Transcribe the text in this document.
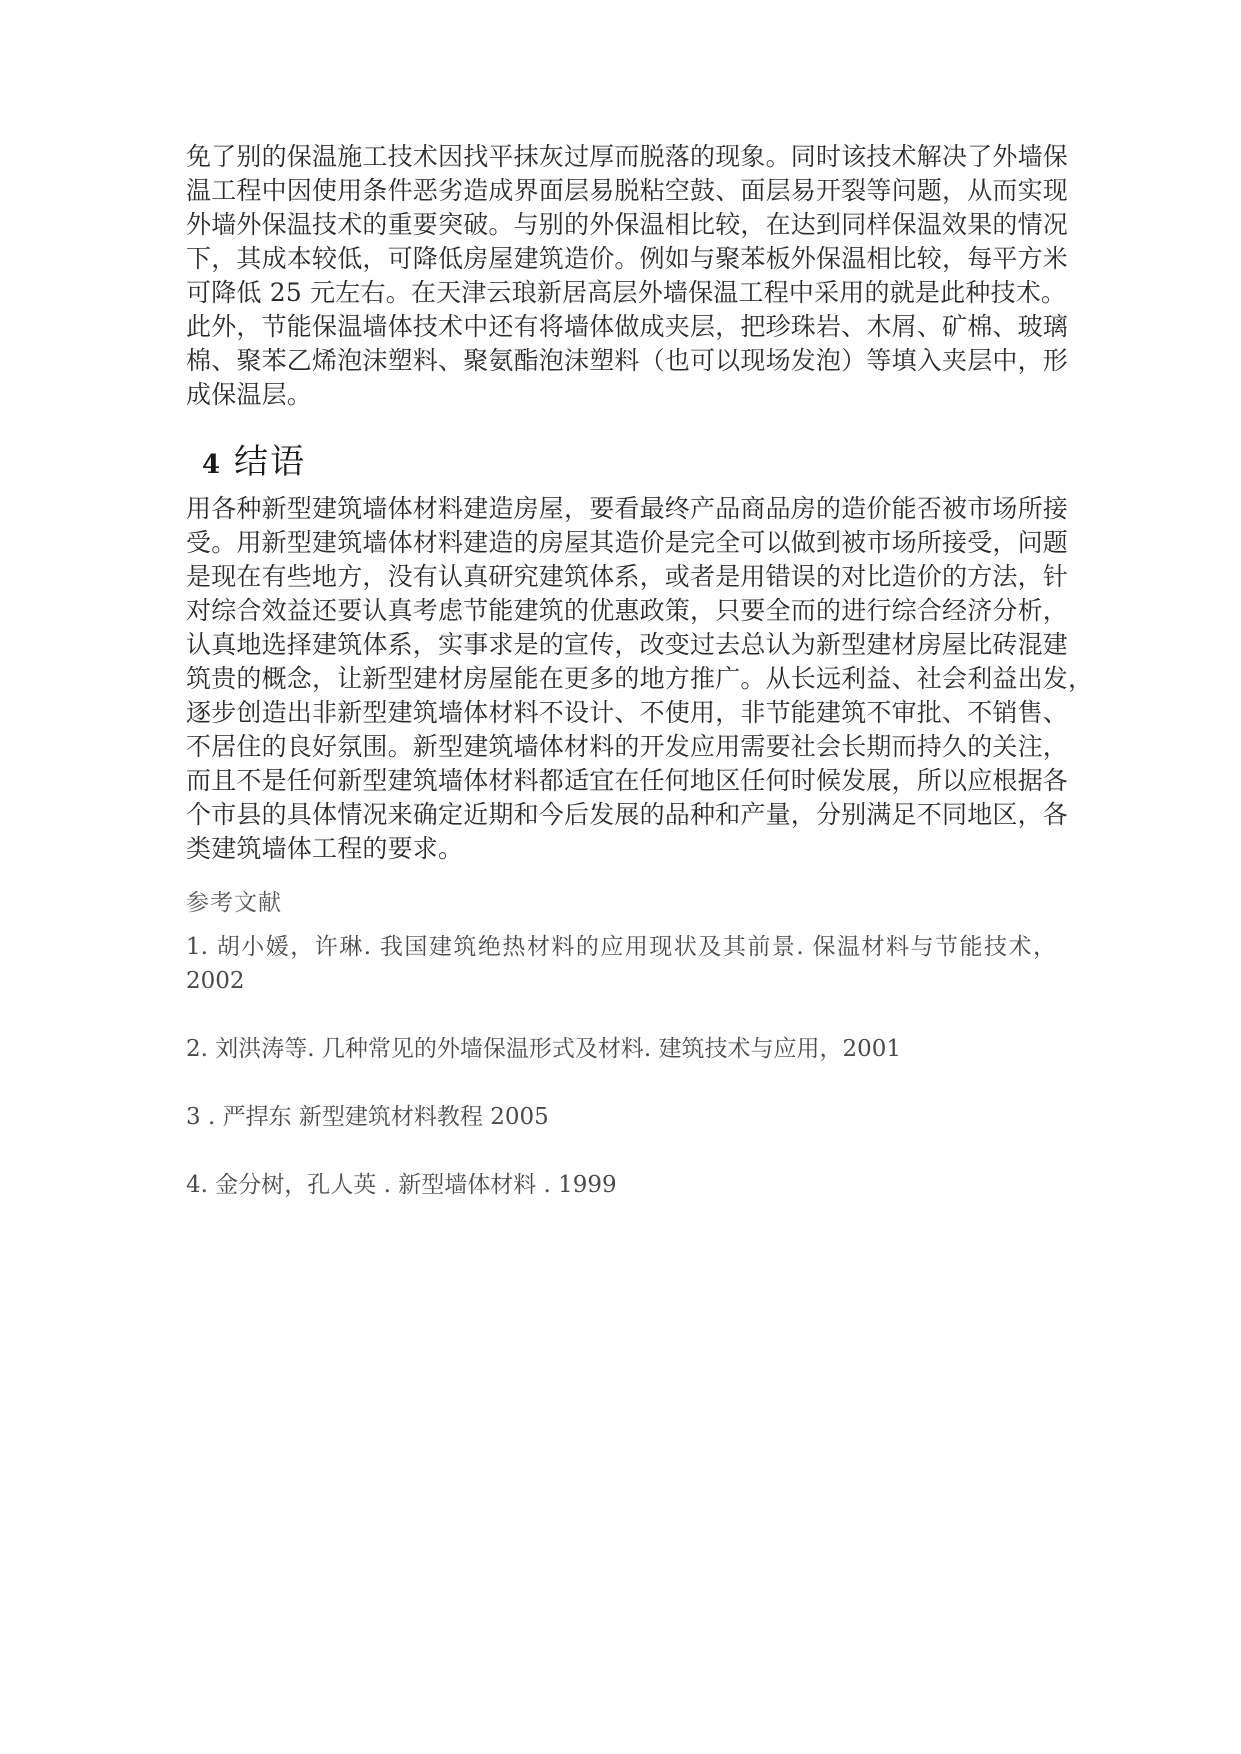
免了别的保温施工技术因找平抹灰过厚而脱落的现象。同时该技术解决了外墙保
温工程中因使用条件恶劣造成界面层易脱粘空鼓、面层易开裂等问题，从而实现
外墙外保温技术的重要突破。与别的外保温相比较，在达到同样保温效果的情况
下，其成本较低，可降低房屋建筑造价。例如与聚苯板外保温相比较，每平方米
可降低 25 元左右。在天津云琅新居高层外墙保温工程中采用的就是此种技术。
此外，节能保温墙体技术中还有将墙体做成夹层，把珍珠岩、木屑、矿棉、玻璃
棉、聚苯乙烯泡沫塑料、聚氨酯泡沫塑料（也可以现场发泡）等填入夹层中，形
成保温层。
4 结语
用各种新型建筑墙体材料建造房屋，要看最终产品商品房的造价能否被市场所接
受。用新型建筑墙体材料建造的房屋其造价是完全可以做到被市场所接受，问题
是现在有些地方，没有认真研究建筑体系，或者是用错误的对比造价的方法，针
对综合效益还要认真考虑节能建筑的优惠政策，只要全而的进行综合经济分析，
认真地选择建筑体系，实事求是的宣传，改变过去总认为新型建材房屋比砖混建
筑贵的概念，让新型建材房屋能在更多的地方推广。从长远利益、社会利益出发，
逐步创造出非新型建筑墙体材料不设计、不使用，非节能建筑不审批、不销售、
不居住的良好氛围。新型建筑墙体材料的开发应用需要社会长期而持久的关注，
而且不是任何新型建筑墙体材料都适宜在任何地区任何时候发展，所以应根据各
个市县的具体情况来确定近期和今后发展的品种和产量，分别满足不同地区，各
类建筑墙体工程的要求。
参考文献
1. 胡小媛，许琳. 我国建筑绝热材料的应用现状及其前景. 保温材料与节能技术，
2002
2. 刘洪涛等. 几种常见的外墙保温形式及材料. 建筑技术与应用，2001
3 . 严捍东 新型建筑材料教程 2005
4. 金分树，孔人英 . 新型墙体材料 . 1999
